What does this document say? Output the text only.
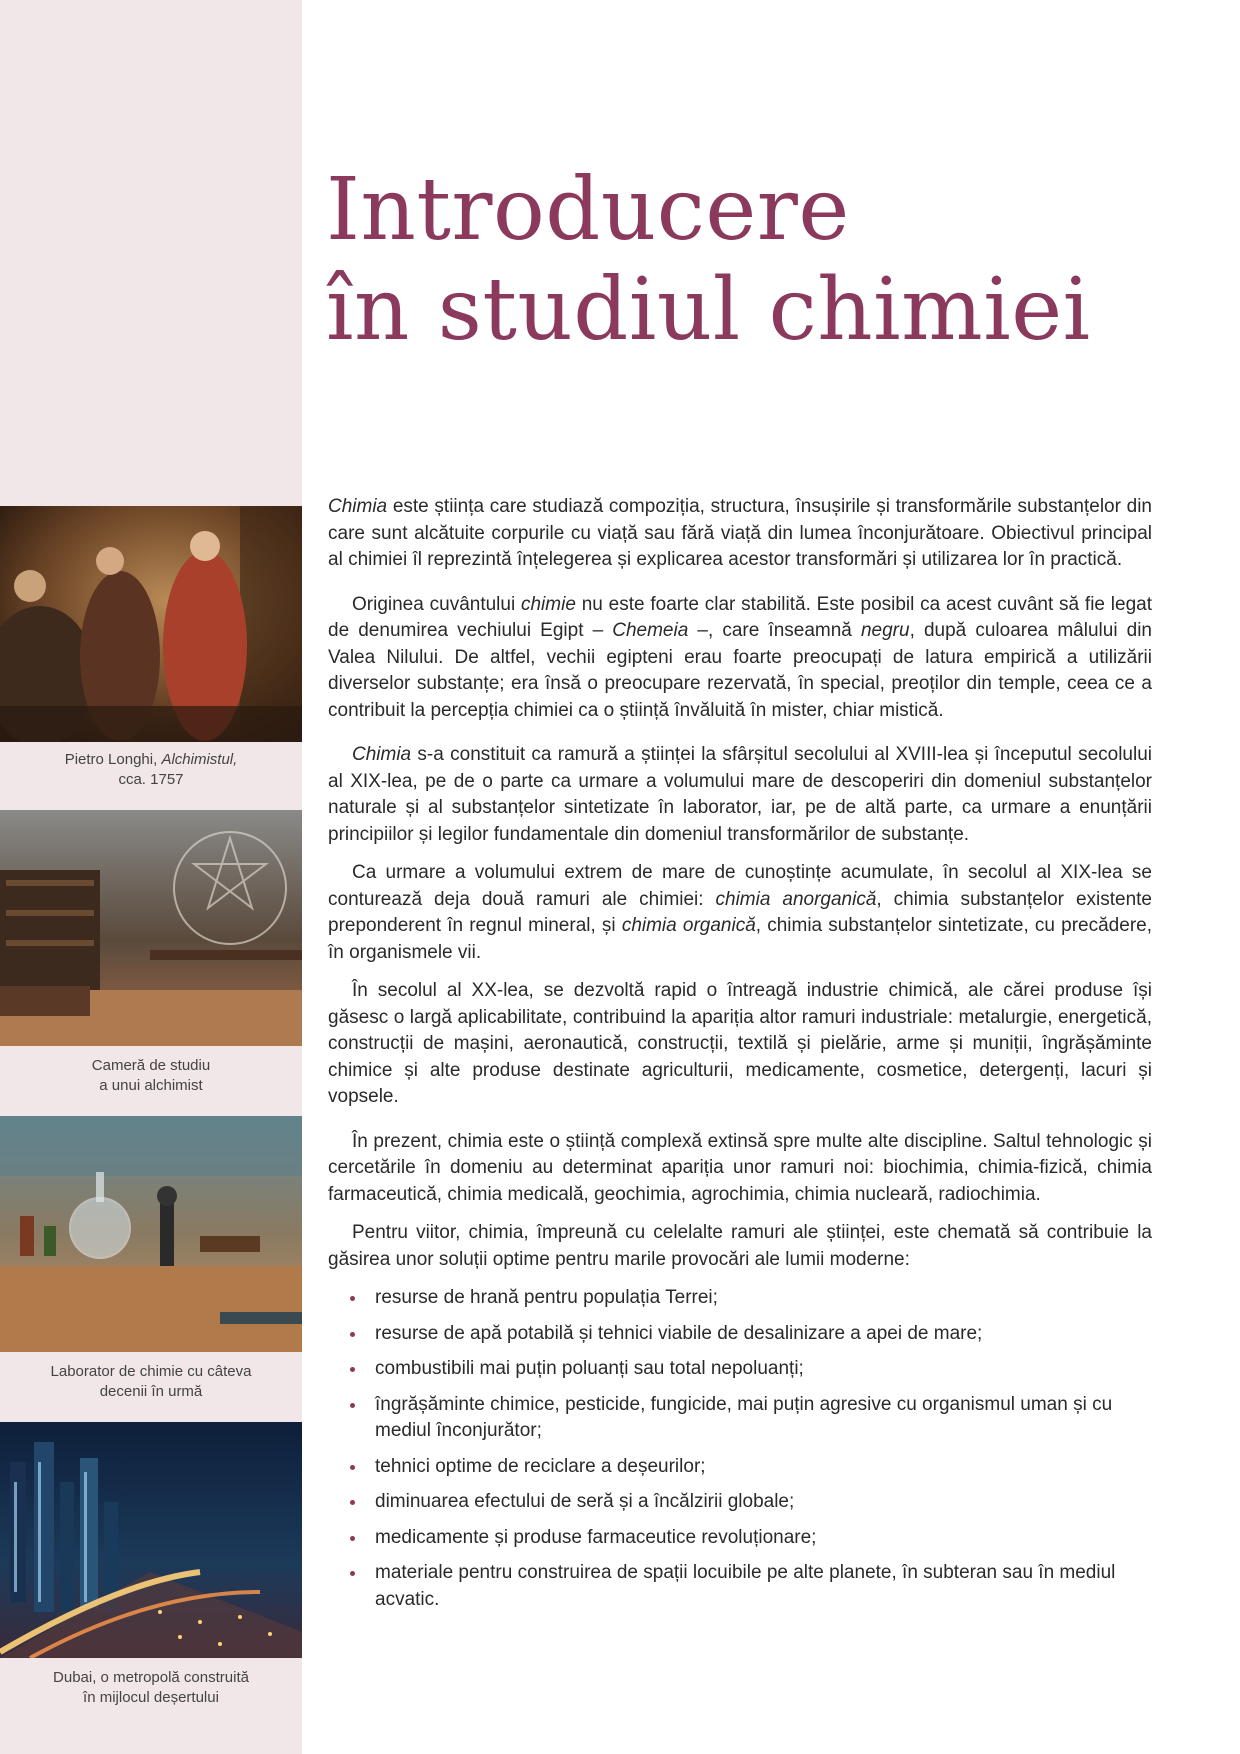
Pietro Longhi, Alchimistul,
cca. 1757
Cameră de studiu
a unui alchimist
Laborator de chimie cu câteva
decenii în urmă
Dubai, o metropolă construită
în mijlocul deșertului
Introducere
în studiul chimiei

Chimia este știința care studiază compoziția, structura, însușirile și transformările substanțelor din care sunt alcătuite corpurile cu viață sau fără viață din lumea înconjurătoare. Obiectivul principal al chimiei îl reprezintă înțelegerea și explicarea acestor transformări și utilizarea lor în practică.

Originea cuvântului chimie nu este foarte clar stabilită. Este posibil ca acest cuvânt să fie legat de denumirea vechiului Egipt – Chemeia –, care înseamnă negru, după culoarea mâlului din Valea Nilului. De altfel, vechii egipteni erau foarte preocupați de latura empirică a utilizării diverselor substanțe; era însă o preocupare rezervată, în special, preoților din temple, ceea ce a contribuit la percepția chimiei ca o știință învăluită în mister, chiar mistică.

Chimia s-a constituit ca ramură a științei la sfârșitul secolului al XVIII-lea și începutul secolului al XIX-lea, pe de o parte ca urmare a volumului mare de descoperiri din domeniul substanțelor naturale și al substanțelor sintetizate în laborator, iar, pe de altă parte, ca urmare a enunțării principiilor și legilor fundamentale din domeniul transformărilor de substanțe.

Ca urmare a volumului extrem de mare de cunoștințe acumulate, în secolul al XIX-lea se conturează deja două ramuri ale chimiei: chimia anorganică, chimia substanțelor existente preponderent în regnul mineral, și chimia organică, chimia substanțelor sintetizate, cu precădere, în organismele vii.

În secolul al XX-lea, se dezvoltă rapid o întreagă industrie chimică, ale cărei produse își găsesc o largă aplicabilitate, contribuind la apariția altor ramuri industriale: metalurgie, energetică, construcții de mașini, aeronautică, construcții, textilă și pielărie, arme și muniții, îngrășăminte chimice și alte produse destinate agriculturii, medicamente, cosmetice, detergenți, lacuri și vopsele.

În prezent, chimia este o știință complexă extinsă spre multe alte discipline. Saltul tehnologic și cercetările în domeniu au determinat apariția unor ramuri noi: biochimia, chimia-fizică, chimia farmaceutică, chimia medicală, geochimia, agrochimia, chimia nucleară, radiochimia.

Pentru viitor, chimia, împreună cu celelalte ramuri ale științei, este chemată să contribuie la găsirea unor soluții optime pentru marile provocări ale lumii moderne:

resurse de hrană pentru populația Terrei;
resurse de apă potabilă și tehnici viabile de desalinizare a apei de mare;
combustibili mai puțin poluanți sau total nepoluanți;
îngrășăminte chimice, pesticide, fungicide, mai puțin agresive cu organismul uman și cu mediul înconjurător;
tehnici optime de reciclare a deșeurilor;
diminuarea efectului de seră și a încălzirii globale;
medicamente și produse farmaceutice revoluționare;
materiale pentru construirea de spații locuibile pe alte planete, în subteran sau în mediul acvatic.
